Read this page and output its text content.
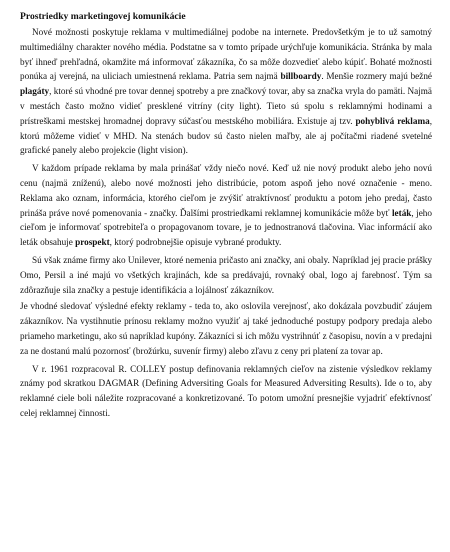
Prostriedky marketingovej komunikácie

Nové možnosti poskytuje reklama v multimediálnej podobe na internete. Predovšetkým je to už samotný multimediálny charakter nového média. Podstatne sa v tomto prípade urýchľuje komunikácia. Stránka by mala byť ihneď prehľadná, okamžite má informovať zákazníka, čo sa môže dozvedieť alebo kúpiť. Bohaté možnosti ponúka aj verejná, na uliciach umiestnená reklama. Patria sem najmä billboardy. Menšie rozmery majú bežné plagáty, ktoré sú vhodné pre tovar dennej spotreby a pre značkový tovar, aby sa značka vryla do pamäti. Najmä v mestách často možno vidieť presklené vitríny (city light). Tieto sú spolu s reklamnými hodinami a prístreškami mestskej hromadnej dopravy súčasťou mestského mobiliára. Existuje aj tzv. pohyblivá reklama, ktorú môžeme vidieť v MHD. Na stenách budov sú často nielen maľby, ale aj počítačmi riadené svetelné grafické panely alebo projekcie (light vision).

V každom prípade reklama by mala prinášať vždy niečo nové. Keď už nie nový produkt alebo jeho novú cenu (najmä zníženú), alebo nové možnosti jeho distribúcie, potom aspoň jeho nové označenie - meno. Reklama ako oznam, informácia, ktorého cieľom je zvýšiť atraktívnosť produktu a potom jeho predaj, často prináša práve nové pomenovania - značky. Ďalšími prostriedkami reklamnej komunikácie môže byť leták, jeho cieľom je informovať spotrebiteľa o propagovanom tovare, je to jednostranová tlačovina. Viac informácií ako leták obsahuje prospekt, ktorý podrobnejšie opisuje vybrané produkty.

Sú však známe firmy ako Unilever, ktoré nemenia pričasto ani značky, ani obaly. Napríklad jej pracie prášky Omo, Persil a iné majú vo všetkých krajinách, kde sa predávajú, rovnaký obal, logo aj farebnosť. Tým sa zdôrazňuje sila značky a pestuje identifikácia a lojálnosť zákazníkov.

Je vhodné sledovať výsledné efekty reklamy - teda to, ako oslovila verejnosť, ako dokázala povzbudiť záujem zákazníkov. Na vystihnutie prínosu reklamy možno využiť aj také jednoduché postupy podpory predaja alebo priameho marketingu, ako sú napríklad kupóny. Zákazníci si ich môžu vystrihnúť z časopisu, novín a v predajni za ne dostanú malú pozornosť (brožúrku, suvenír firmy) alebo zľavu z ceny pri platení za tovar ap.

V r. 1961 rozpracoval R. COLLEY postup definovania reklamných cieľov na zistenie výsledkov reklamy známy pod skratkou DAGMAR (Defining Adversiting Goals for Measured Adversiting Results). Ide o to, aby reklamné ciele boli náležite rozpracované a konkretizované. To potom umožní presnejšie vyjadriť efektívnosť celej reklamnej činnosti.
